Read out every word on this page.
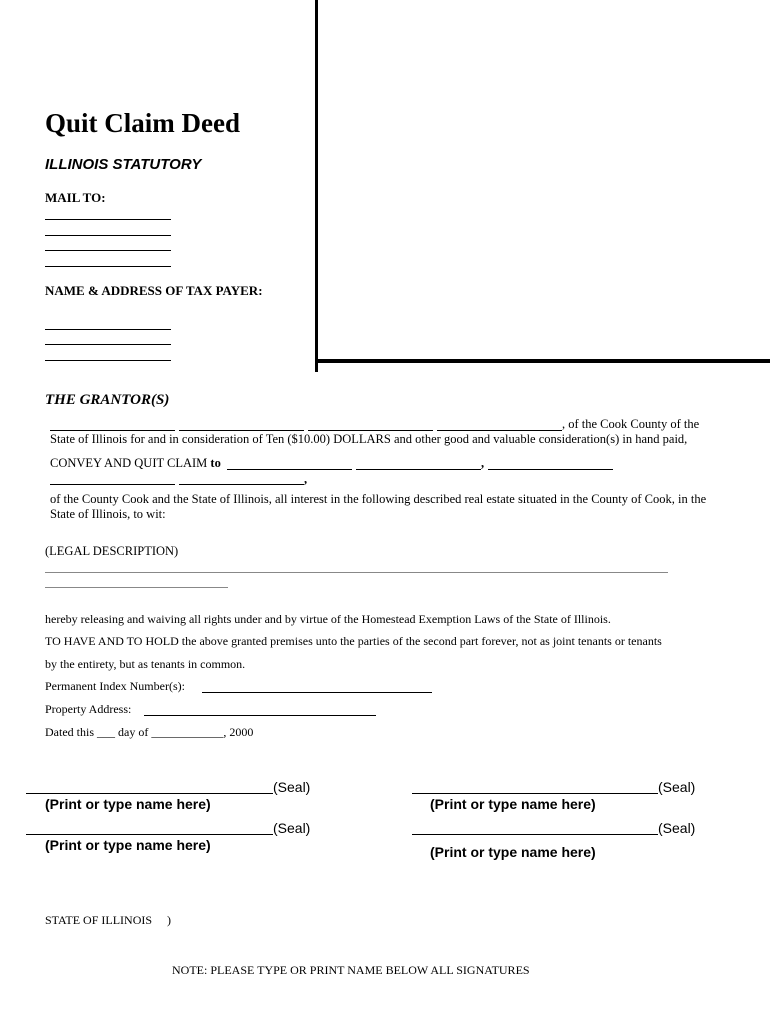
Quit Claim Deed
ILLINOIS STATUTORY
MAIL TO:
NAME & ADDRESS OF TAX PAYER:
THE GRANTOR(S)
, of the Cook County of the
State of Illinois for and in consideration of Ten ($10.00) DOLLARS and other good and valuable consideration(s) in hand paid,
CONVEY AND QUIT CLAIM to	,
,
of the County Cook and the State of Illinois, all interest in the following described real estate situated in the County of Cook, in the
State of Illinois, to wit:
(LEGAL DESCRIPTION)
hereby releasing and waiving all rights under and by virtue of the Homestead Exemption Laws of the State of Illinois.
TO HAVE AND TO HOLD the above granted premises unto the parties of the second part forever, not as joint tenants or tenants
by the entirety, but as tenants in common.
Permanent Index Number(s):
Property Address:
Dated this ___ day of ____________, 2000
(Seal)
(Print or type name here)
(Seal)
(Print or type name here)
(Seal)
(Print or type name here)
(Seal)
(Print or type name here)
STATE OF ILLINOIS     )
NOTE: PLEASE TYPE OR PRINT NAME BELOW ALL SIGNATURES
